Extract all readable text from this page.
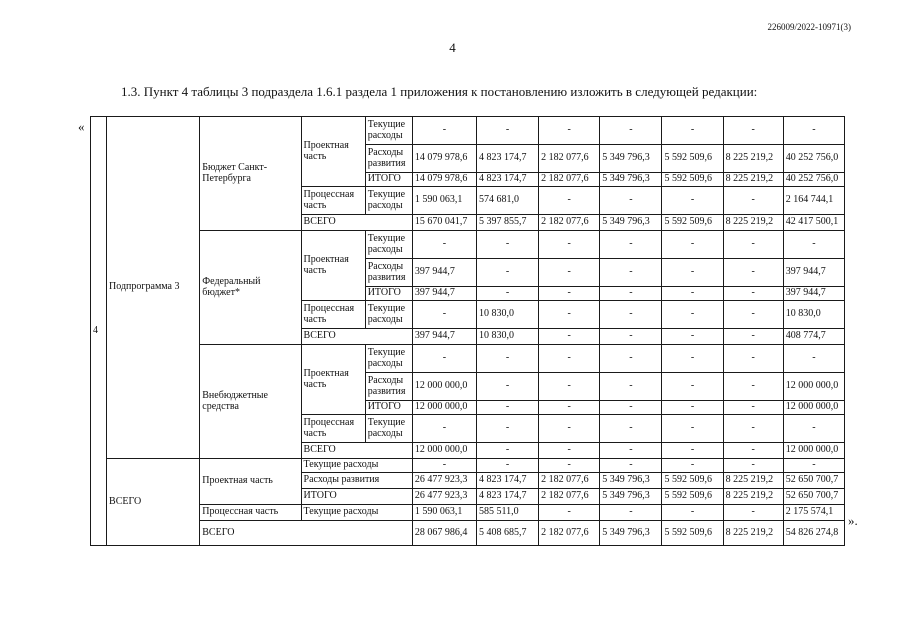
226009/2022-10971(3)
4
1.3. Пункт 4 таблицы 3 подраздела 1.6.1 раздела 1 приложения к постановлению изложить в следующей редакции:
«
».
4	Подпрограмма 3	Бюджет Санкт-Петербурга	Проектная часть	Текущие расходы	-	-	-	-	-	-	-
				Расходы развития	14 079 978,6	4 823 174,7	2 182 077,6	5 349 796,3	5 592 509,6	8 225 219,2	40 252 756,0
				ИТОГО	14 079 978,6	4 823 174,7	2 182 077,6	5 349 796,3	5 592 509,6	8 225 219,2	40 252 756,0
			Процессная часть	Текущие расходы	1 590 063,1	574 681,0	-	-	-	-	2 164 744,1
			ВСЕГО		15 670 041,7	5 397 855,7	2 182 077,6	5 349 796,3	5 592 509,6	8 225 219,2	42 417 500,1
		Федеральный бюджет*	Проектная часть	Текущие расходы	-	-	-	-	-	-	-
				Расходы развития	397 944,7	-	-	-	-	-	397 944,7
				ИТОГО	397 944,7	-	-	-	-	-	397 944,7
			Процессная часть	Текущие расходы	-	10 830,0	-	-	-	-	10 830,0
			ВСЕГО		397 944,7	10 830,0	-	-	-	-	408 774,7
		Внебюджетные средства	Проектная часть	Текущие расходы	-	-	-	-	-	-	-
				Расходы развития	12 000 000,0	-	-	-	-	-	12 000 000,0
				ИТОГО	12 000 000,0	-	-	-	-	-	12 000 000,0
			Процессная часть	Текущие расходы	-	-	-	-	-	-	-
			ВСЕГО		12 000 000,0	-	-	-	-	-	12 000 000,0
	ВСЕГО	Проектная часть	Текущие расходы		-	-	-	-	-	-	-
			Расходы развития		26 477 923,3	4 823 174,7	2 182 077,6	5 349 796,3	5 592 509,6	8 225 219,2	52 650 700,7
			ИТОГО		26 477 923,3	4 823 174,7	2 182 077,6	5 349 796,3	5 592 509,6	8 225 219,2	52 650 700,7
		Процессная часть	Текущие расходы		1 590 063,1	585 511,0	-	-	-	-	2 175 574,1
		ВСЕГО			28 067 986,4	5 408 685,7	2 182 077,6	5 349 796,3	5 592 509,6	8 225 219,2	54 826 274,8
